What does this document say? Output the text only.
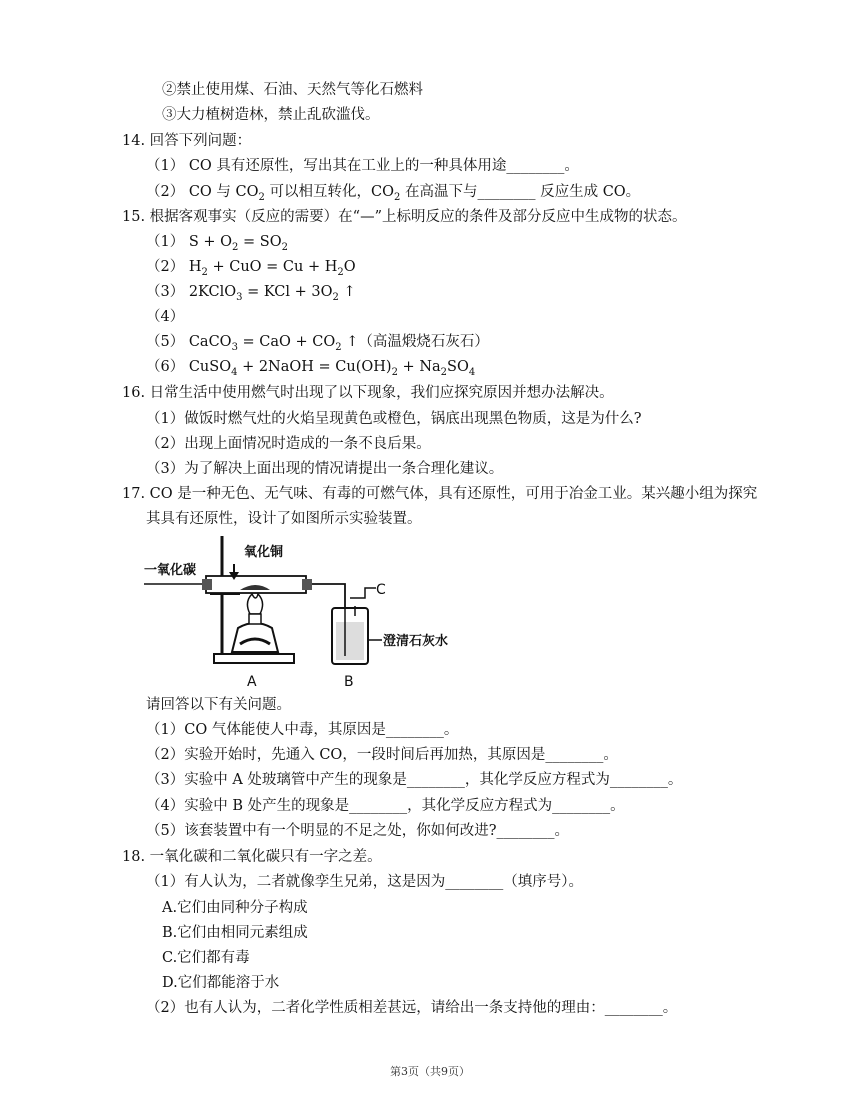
②禁止使用煤、石油、天然气等化石燃料
③大力植树造林，禁止乱砍滥伐。
14. 回答下列问题：
（1） CO 具有还原性，写出其在工业上的一种具体用途________。
（2） CO 与 $CO_2$ 可以相互转化，$CO_2$ 在高温下与________ 反应生成 CO。
15. 根据客观事实（反应的需要）在“—”上标明反应的条件及部分反应中生成物的状态。
（1） $S + O_2 = SO_2$
（2） $H_2$ + CuO = $Cu + H_2O$
（3） 2KClO$_3$ = KCl + $3O_2$ ↑
（4）
（5） CaCO$_3$ = CaO + $CO_2$ ↑（高温煅烧石灰石）
（6） CuSO$_4$ + 2NaOH = $Cu(OH)_2 + Na_2SO_4$
16. 日常生活中使用燃气时出现了以下现象，我们应探究原因并想办法解决。
（1）做饭时燃气灶的火焰呈现黄色或橙色，锅底出现黑色物质，这是为什么?
（2）出现上面情况时造成的一条不良后果。
（3）为了解决上面出现的情况请提出一条合理化建议。
17. CO 是一种无色、无气味、有毒的可燃气体，具有还原性，可用于冶金工业。某兴趣小组为探究
其具有还原性，设计了如图所示实验装置。
请回答以下有关问题。
（1）CO 气体能使人中毒，其原因是________。
（2）实验开始时，先通入 CO，一段时间后再加热，其原因是________。
（3）实验中 A 处玻璃管中产生的现象是________，其化学反应方程式为________。
（4）实验中 B 处产生的现象是________，其化学反应方程式为________。
（5）该套装置中有一个明显的不足之处，你如何改进?________。
18. 一氧化碳和二氧化碳只有一字之差。
（1）有人认为，二者就像孪生兄弟，这是因为________（填序号）。
A.它们由同种分子构成
B.它们由相同元素组成
C.它们都有毒
D.它们都能溶于水
（2）也有人认为，二者化学性质相差甚远，请给出一条支持他的理由：________。
一氧化碳
氧化铜
C
澄清石灰水
A	B
第3页（共9页）
